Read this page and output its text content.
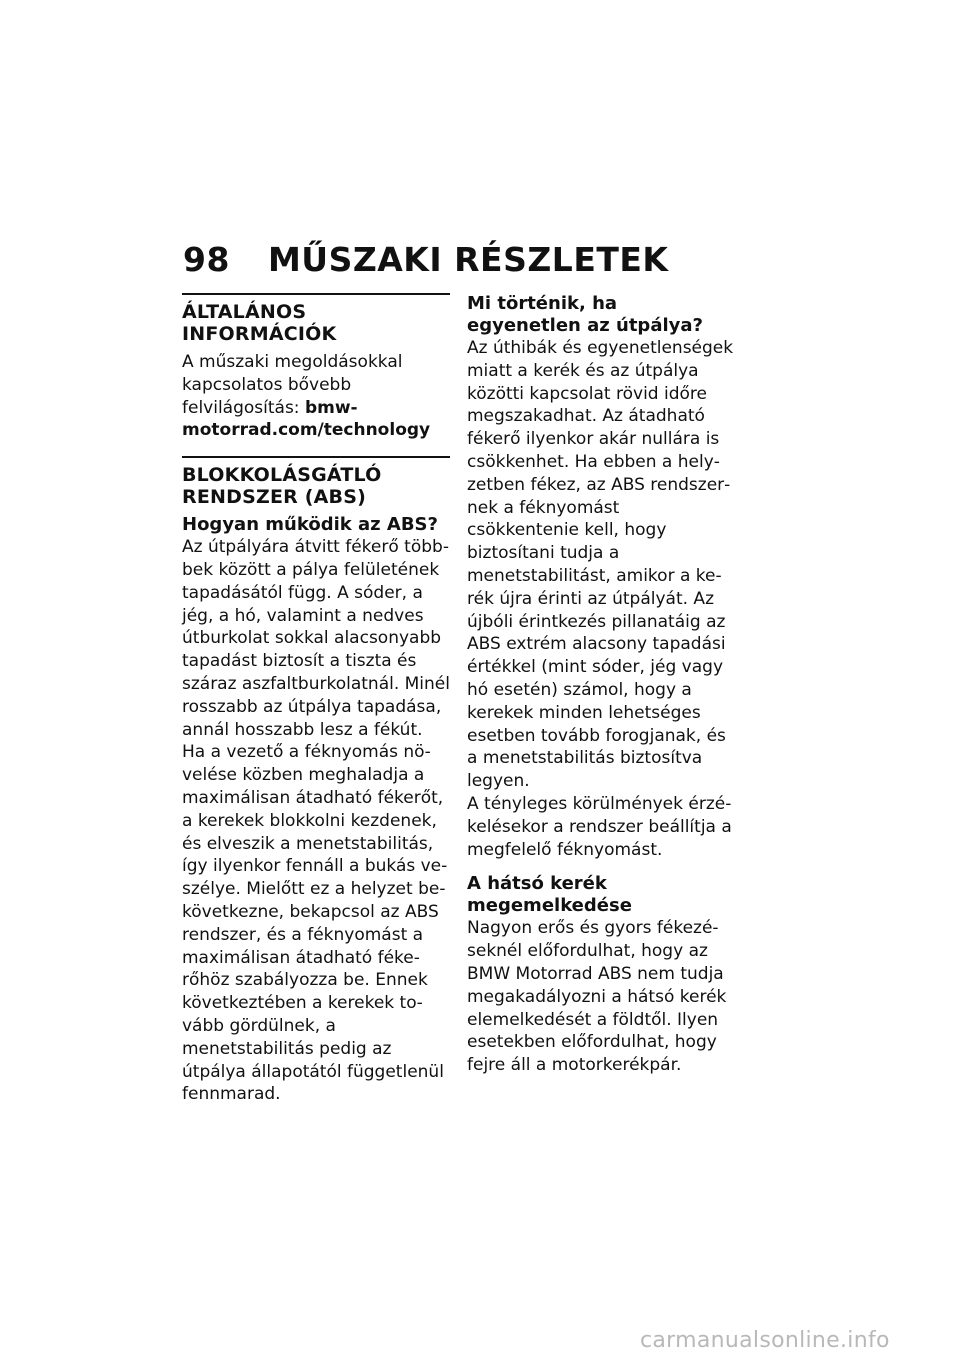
98 MŰSZAKI RÉSZLETEK
ÁLTALÁNOS INFORMÁCIÓK

A műszaki megoldásokkal kapcsolatos bővebb felvilágosítás: bmw-motorrad.com/technology

BLOKKOLÁSGÁTLÓ RENDSZER (ABS)
Hogyan működik az ABS?

Az útpályára átvitt fékerő többbek között a pálya felületének tapadásától függ. A sóder, a jég, a hó, valamint a nedves útburkolat sokkal alacsonyabb tapadást biztosít a tiszta és száraz aszfaltburkolatnál. Minél rosszabb az útpálya tapadása, annál hosszabb lesz a fékút.

Ha a vezető a féknyomás növelése közben meghaladja a maximálisan átadható fékerőt, a kerekek blokkolni kezdenek, és elveszik a menetstabilitás, így ilyenkor fennáll a bukás veszélye. Mielőtt ez a helyzet bekövetkezne, bekapcsol az ABS rendszer, és a féknyomást a maximálisan átadható fékerőhöz szabályozza be. Ennek következtében a kerekek tovább gördülnek, a menetstabilitás pedig az útpálya állapotától függetlenül fennmarad.

Mi történik, ha egyenetlen az útpálya?

Az úthibák és egyenetlenségek miatt a kerék és az útpálya közötti kapcsolat rövid időre megszakadhat. Az átadható fékerő ilyenkor akár nullára is csökkenhet. Ha ebben a helyzetben fékez, az ABS rendszernek a féknyomást csökkentenie kell, hogy biztosítani tudja a menetstabilitást, amikor a kerék újra érinti az útpályát. Az újbóli érintkezés pillanatáig az ABS extrém alacsony tapadási értékkel (mint sóder, jég vagy hó esetén) számol, hogy a kerekek minden lehetséges esetben tovább forogjanak, és a menetstabilitás biztosítva legyen.

A tényleges körülmények érzékelésekor a rendszer beállítja a megfelelő féknyomást.

A hátsó kerék megemelkedése

Nagyon erős és gyors fékezéseknél előfordulhat, hogy az BMW Motorrad ABS nem tudja megakadályozni a hátsó kerék elemelkedését a földtől. Ilyen esetekben előfordulhat, hogy fejre áll a motorkerékpár.

carmanualsonline.info
